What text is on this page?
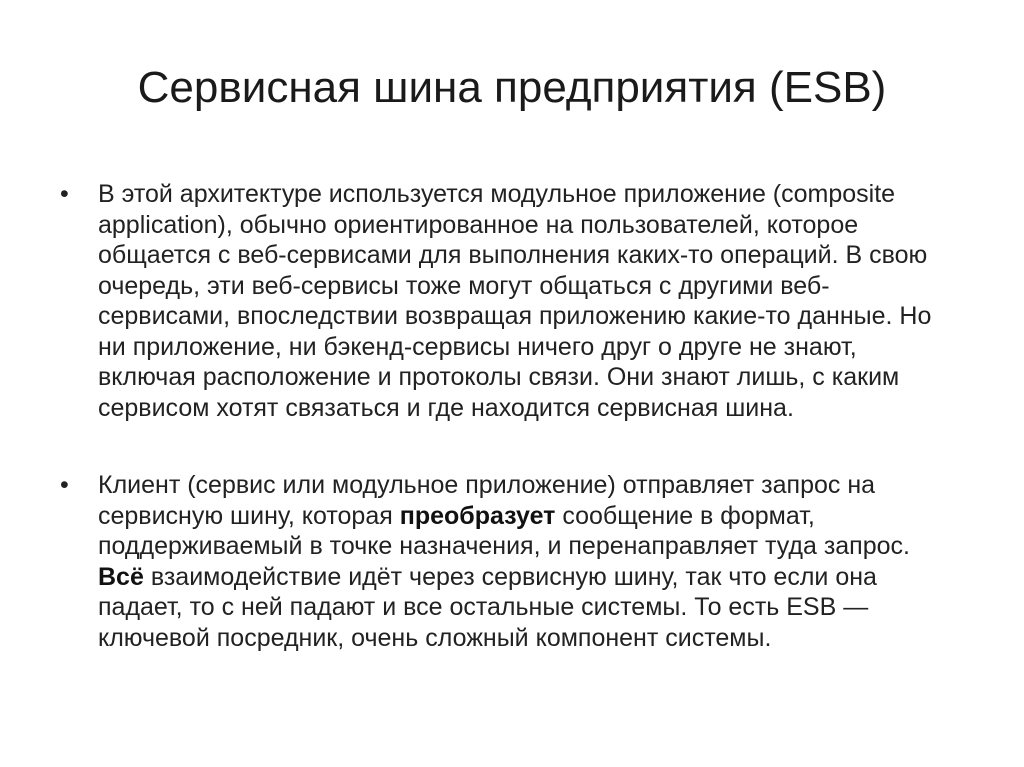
Сервисная шина предприятия (ESB)
• В этой архитектуре используется модульное приложение (composite application), обычно ориентированное на пользователей, которое общается с веб-сервисами для выполнения каких-то операций. В свою очередь, эти веб-сервисы тоже могут общаться с другими веб-сервисами, впоследствии возвращая приложению какие-то данные. Но ни приложение, ни бэкенд-сервисы ничего друг о друге не знают, включая расположение и протоколы связи. Они знают лишь, с каким сервисом хотят связаться и где находится сервисная шина.
• Клиент (сервис или модульное приложение) отправляет запрос на сервисную шину, которая преобразует сообщение в формат, поддерживаемый в точке назначения, и перенаправляет туда запрос. Всё взаимодействие идёт через сервисную шину, так что если она падает, то с ней падают и все остальные системы. То есть ESB — ключевой посредник, очень сложный компонент системы.
